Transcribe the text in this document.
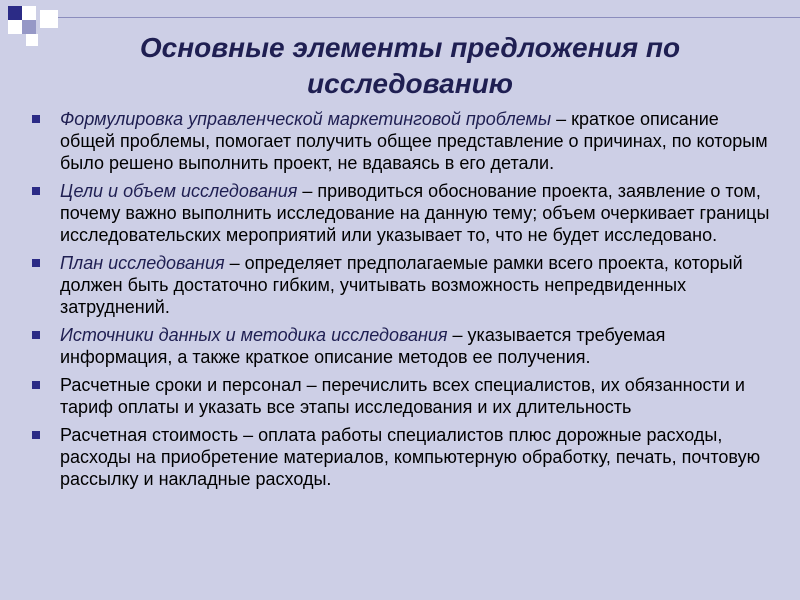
Основные элементы предложения по
исследованию
Формулировка управленческой маркетинговой проблемы – краткое описание общей проблемы, помогает получить общее представление о причинах, по которым было решено выполнить проект, не вдаваясь в его детали.
Цели и объем исследования – приводиться обоснование проекта, заявление о том, почему важно выполнить исследование на данную тему; объем очеркивает границы исследовательских мероприятий или указывает то, что не будет исследовано.
План исследования – определяет предполагаемые рамки всего проекта, который должен быть достаточно гибким, учитывать возможность непредвиденных затруднений.
Источники данных и методика исследования – указывается требуемая информация, а также краткое описание методов ее получения.
Расчетные сроки и персонал – перечислить всех специалистов, их обязанности и тариф оплаты и указать все этапы исследования и их длительность
Расчетная стоимость – оплата работы специалистов плюс дорожные расходы, расходы на приобретение материалов, компьютерную обработку, печать, почтовую рассылку и накладные расходы.
